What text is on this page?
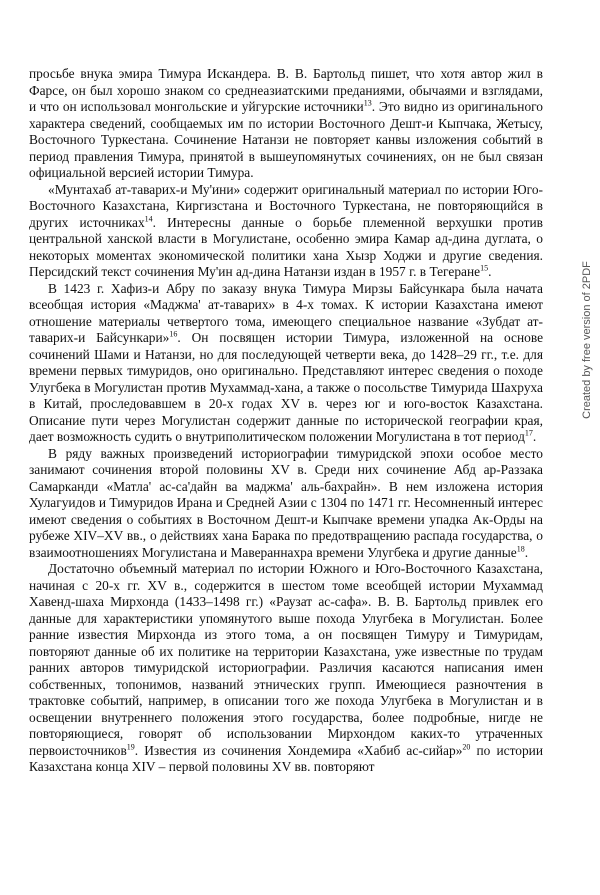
просьбе внука эмира Тимура Искандера. В. В. Бартольд пишет, что хотя автор жил в Фарсе, он был хорошо знаком со среднеазиатскими преданиями, обычаями и взглядами, и что он использовал монгольские и уйгурские источники$^{13}$. Это видно из оригинального характера сведений, сообщаемых им по истории Восточного Дешт-и Кыпчака, Жетысу, Восточного Туркестана. Сочинение Натанзи не повторяет канвы изложения событий в период правления Тимура, принятой в вышеупомянутых сочинениях, он не был связан официальной версией истории Тимура.

«Мунтахаб ат-таварих-и Му'ини» содержит оригинальный материал по истории Юго-Восточного Казахстана, Киргизстана и Восточного Туркестана, не повторяющийся в других источниках$^{14}$. Интересны данные о борьбе племенной верхушки против центральной ханской власти в Могулистане, особенно эмира Камар ад-дина дуглата, о некоторых моментах экономической политики хана Хызр Ходжи и другие сведения. Персидский текст сочинения Му'ин ад-дина Натанзи издан в 1957 г. в Тегеране$^{15}$.

В 1423 г. Хафиз-и Абру по заказу внука Тимура Мирзы Байсункара была начата всеобщая история «Маджма' ат-таварих» в 4-х томах. К истории Казахстана имеют отношение материалы четвертого тома, имеющего специальное название «Зубдат ат-таварих-и Байсункари»$^{16}$. Он посвящен истории Тимура, изложенной на основе сочинений Шами и Натанзи, но для последующей четверти века, до 1428–29 гг., т.е. для времени первых тимуридов, оно оригинально. Представляют интерес сведения о походе Улугбека в Могулистан против Мухаммад-хана, а также о посольстве Тимурида Шахруха в Китай, проследовавшем в 20-х годах XV в. через юг и юго-восток Казахстана. Описание пути через Могулистан содержит данные по исторической географии края, дает возможность судить о внутриполитическом положении Могулистана в тот период$^{17}$.

В ряду важных произведений историографии тимуридской эпохи особое место занимают сочинения второй половины XV в. Среди них сочинение Абд ар-Раззака Самарканди «Матла' ас-са'дайн ва маджма' аль-бахрайн». В нем изложена история Хулагуидов и Тимуридов Ирана и Средней Азии с 1304 по 1471 гг. Несомненный интерес имеют сведения о событиях в Восточном Дешт-и Кыпчаке времени упадка Ак-Орды на рубеже XIV–XV вв., о действиях хана Барака по предотвращению распада государства, о взаимоотношениях Могулистана и Мавераннахра времени Улугбека и другие данные$^{18}$.

Достаточно объемный материал по истории Южного и Юго-Восточного Казахстана, начиная с 20-х гг. XV в., содержится в шестом томе всеобщей истории Мухаммад Хавенд-шаха Мирхонда (1433–1498 гг.) «Раузат ас-сафа». В. В. Бартольд привлек его данные для характеристики упомянутого выше похода Улугбека в Могулистан. Более ранние известия Мирхонда из этого тома, а он посвящен Тимуру и Тимуридам, повторяют данные об их политике на территории Казахстана, уже известные по трудам ранних авторов тимуридской историографии. Различия касаются написания имен собственных, топонимов, названий этнических групп. Имеющиеся разночтения в трактовке событий, например, в описании того же похода Улугбека в Могулистан и в освещении внутреннего положения этого государства, более подробные, нигде не повторяющиеся, говорят об использовании Мирхондом каких-то утраченных первоисточников$^{19}$. Известия из сочинения Хондемира «Хабиб ас-сийар»$^{20}$ по истории Казахстана конца XIV – первой половины XV вв. повторяют

Created by free version of 2PDF
